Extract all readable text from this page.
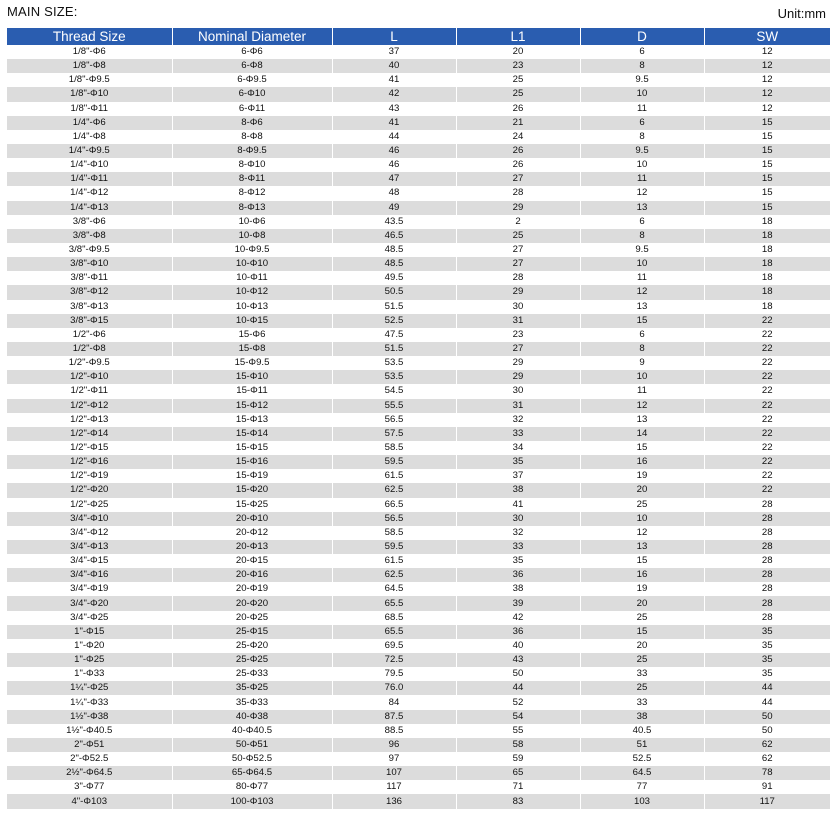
MAIN SIZE:	Unit:mm
Thread Size	Nominal Diameter	L	L1	D	SW
1/8"-Φ6	6-Φ6	37	20	6	12
1/8"-Φ8	6-Φ8	40	23	8	12
1/8"-Φ9.5	6-Φ9.5	41	25	9.5	12
1/8"-Φ10	6-Φ10	42	25	10	12
1/8"-Φ11	6-Φ11	43	26	11	12
1/4"-Φ6	8-Φ6	41	21	6	15
1/4"-Φ8	8-Φ8	44	24	8	15
1/4"-Φ9.5	8-Φ9.5	46	26	9.5	15
1/4"-Φ10	8-Φ10	46	26	10	15
1/4"-Φ11	8-Φ11	47	27	11	15
1/4"-Φ12	8-Φ12	48	28	12	15
1/4"-Φ13	8-Φ13	49	29	13	15
3/8"-Φ6	10-Φ6	43.5	2	6	18
3/8"-Φ8	10-Φ8	46.5	25	8	18
3/8"-Φ9.5	10-Φ9.5	48.5	27	9.5	18
3/8"-Φ10	10-Φ10	48.5	27	10	18
3/8"-Φ11	10-Φ11	49.5	28	11	18
3/8"-Φ12	10-Φ12	50.5	29	12	18
3/8"-Φ13	10-Φ13	51.5	30	13	18
3/8"-Φ15	10-Φ15	52.5	31	15	22
1/2"-Φ6	15-Φ6	47.5	23	6	22
1/2"-Φ8	15-Φ8	51.5	27	8	22
1/2"-Φ9.5	15-Φ9.5	53.5	29	9	22
1/2"-Φ10	15-Φ10	53.5	29	10	22
1/2"-Φ11	15-Φ11	54.5	30	11	22
1/2"-Φ12	15-Φ12	55.5	31	12	22
1/2"-Φ13	15-Φ13	56.5	32	13	22
1/2"-Φ14	15-Φ14	57.5	33	14	22
1/2"-Φ15	15-Φ15	58.5	34	15	22
1/2"-Φ16	15-Φ16	59.5	35	16	22
1/2"-Φ19	15-Φ19	61.5	37	19	22
1/2"-Φ20	15-Φ20	62.5	38	20	22
1/2"-Φ25	15-Φ25	66.5	41	25	28
3/4"-Φ10	20-Φ10	56.5	30	10	28
3/4"-Φ12	20-Φ12	58.5	32	12	28
3/4"-Φ13	20-Φ13	59.5	33	13	28
3/4"-Φ15	20-Φ15	61.5	35	15	28
3/4"-Φ16	20-Φ16	62.5	36	16	28
3/4"-Φ19	20-Φ19	64.5	38	19	28
3/4"-Φ20	20-Φ20	65.5	39	20	28
3/4"-Φ25	20-Φ25	68.5	42	25	28
1"-Φ15	25-Φ15	65.5	36	15	35
1"-Φ20	25-Φ20	69.5	40	20	35
1"-Φ25	25-Φ25	72.5	43	25	35
1"-Φ33	25-Φ33	79.5	50	33	35
1¼"-Φ25	35-Φ25	76.0	44	25	44
1¼"-Φ33	35-Φ33	84	52	33	44
1½"-Φ38	40-Φ38	87.5	54	38	50
1½"-Φ40.5	40-Φ40.5	88.5	55	40.5	50
2"-Φ51	50-Φ51	96	58	51	62
2"-Φ52.5	50-Φ52.5	97	59	52.5	62
2½"-Φ64.5	65-Φ64.5	107	65	64.5	78
3"-Φ77	80-Φ77	117	71	77	91
4"-Φ103	100-Φ103	136	83	103	117
